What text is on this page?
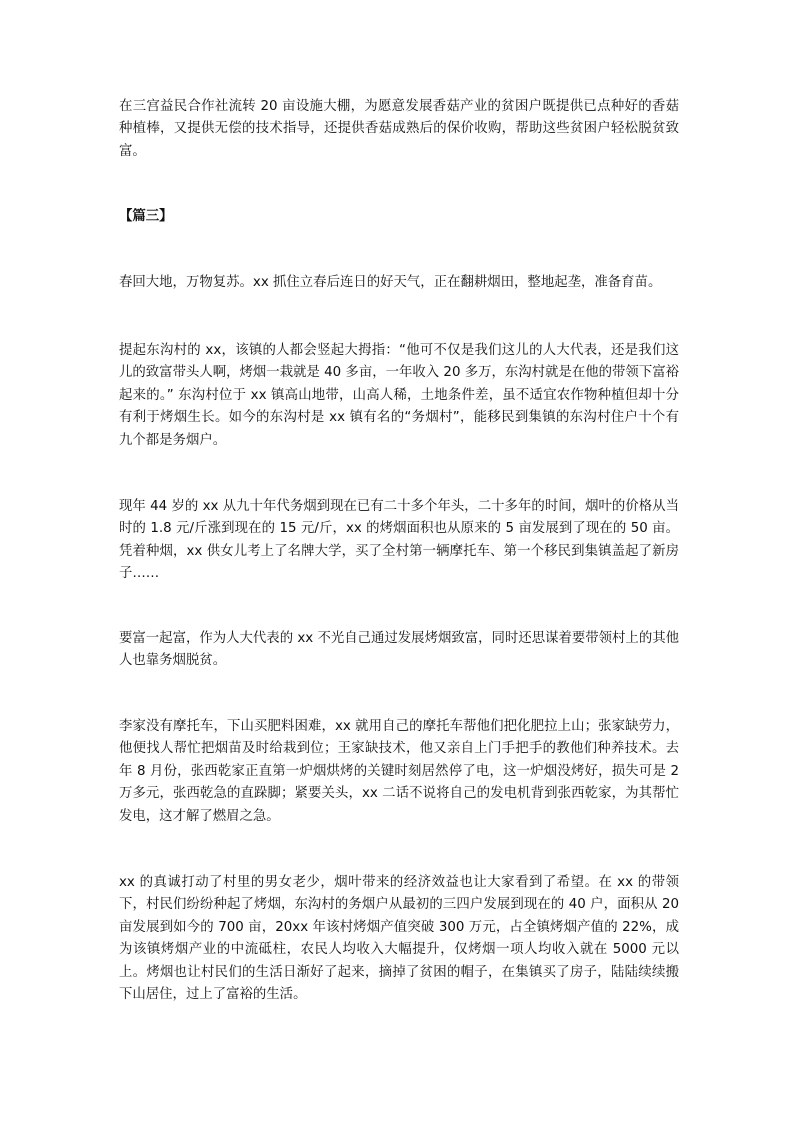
在三宫益民合作社流转 20 亩设施大棚，为愿意发展香菇产业的贫困户既提供已点种好的香菇种植棒，又提供无偿的技术指导，还提供香菇成熟后的保价收购，帮助这些贫困户轻松脱贫致富。

【篇三】

春回大地，万物复苏。xx 抓住立春后连日的好天气，正在翻耕烟田，整地起垄，准备育苗。

提起东沟村的 xx，该镇的人都会竖起大拇指：“他可不仅是我们这儿的人大代表，还是我们这儿的致富带头人啊，烤烟一栽就是 40 多亩，一年收入 20 多万，东沟村就是在他的带领下富裕起来的。” 东沟村位于 xx 镇高山地带，山高人稀，土地条件差，虽不适宜农作物种植但却十分有利于烤烟生长。如今的东沟村是 xx 镇有名的“务烟村”，能移民到集镇的东沟村住户十个有九个都是务烟户。

现年 44 岁的 xx 从九十年代务烟到现在已有二十多个年头，二十多年的时间，烟叶的价格从当时的 1.8 元/斤涨到现在的 15 元/斤，xx 的烤烟面积也从原来的 5 亩发展到了现在的 50 亩。凭着种烟，xx 供女儿考上了名牌大学，买了全村第一辆摩托车、第一个移民到集镇盖起了新房子……

要富一起富，作为人大代表的 xx 不光自己通过发展烤烟致富，同时还思谋着要带领村上的其他人也靠务烟脱贫。

李家没有摩托车，下山买肥料困难，xx 就用自己的摩托车帮他们把化肥拉上山；张家缺劳力，他便找人帮忙把烟苗及时给栽到位；王家缺技术，他又亲自上门手把手的教他们种养技术。去年 8 月份，张西乾家正直第一炉烟烘烤的关键时刻居然停了电，这一炉烟没烤好，损失可是 2 万多元，张西乾急的直跺脚；紧要关头，xx 二话不说将自己的发电机背到张西乾家，为其帮忙发电，这才解了燃眉之急。

xx 的真诚打动了村里的男女老少，烟叶带来的经济效益也让大家看到了希望。在 xx 的带领下，村民们纷纷种起了烤烟，东沟村的务烟户从最初的三四户发展到现在的 40 户，面积从 20 亩发展到如今的 700 亩，20xx 年该村烤烟产值突破 300 万元，占全镇烤烟产值的 22%，成为该镇烤烟产业的中流砥柱，农民人均收入大幅提升，仅烤烟一项人均收入就在 5000 元以上。烤烟也让村民们的生活日渐好了起来，摘掉了贫困的帽子，在集镇买了房子，陆陆续续搬下山居住，过上了富裕的生活。
